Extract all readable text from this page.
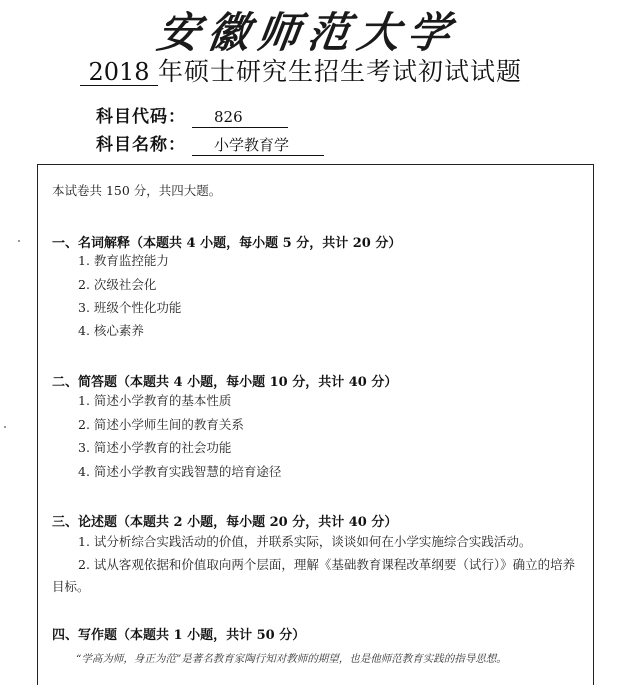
安徽师范大学
2018 年硕士研究生招生考试初试试题
科目代码： 826
科目名称： 小学教育学
本试卷共 150 分，共四大题。
一、名词解释（本题共 4 小题，每小题 5 分，共计 20 分）
1. 教育监控能力
2. 次级社会化
3. 班级个性化功能
4. 核心素养
二、简答题（本题共 4 小题，每小题 10 分，共计 40 分）
1. 简述小学教育的基本性质
2. 简述小学师生间的教育关系
3. 简述小学教育的社会功能
4. 简述小学教育实践智慧的培育途径
三、论述题（本题共 2 小题，每小题 20 分，共计 40 分）
1. 试分析综合实践活动的价值，并联系实际，谈谈如何在小学实施综合实践活动。
2. 试从客观依据和价值取向两个层面，理解《基础教育课程改革纲要（试行）》确立的培养目标。
四、写作题（本题共 1 小题，共计 50 分）
“学高为师，身正为范”是著名教育家陶行知对教师的期望，也是他师范教育实践的指导思想。
